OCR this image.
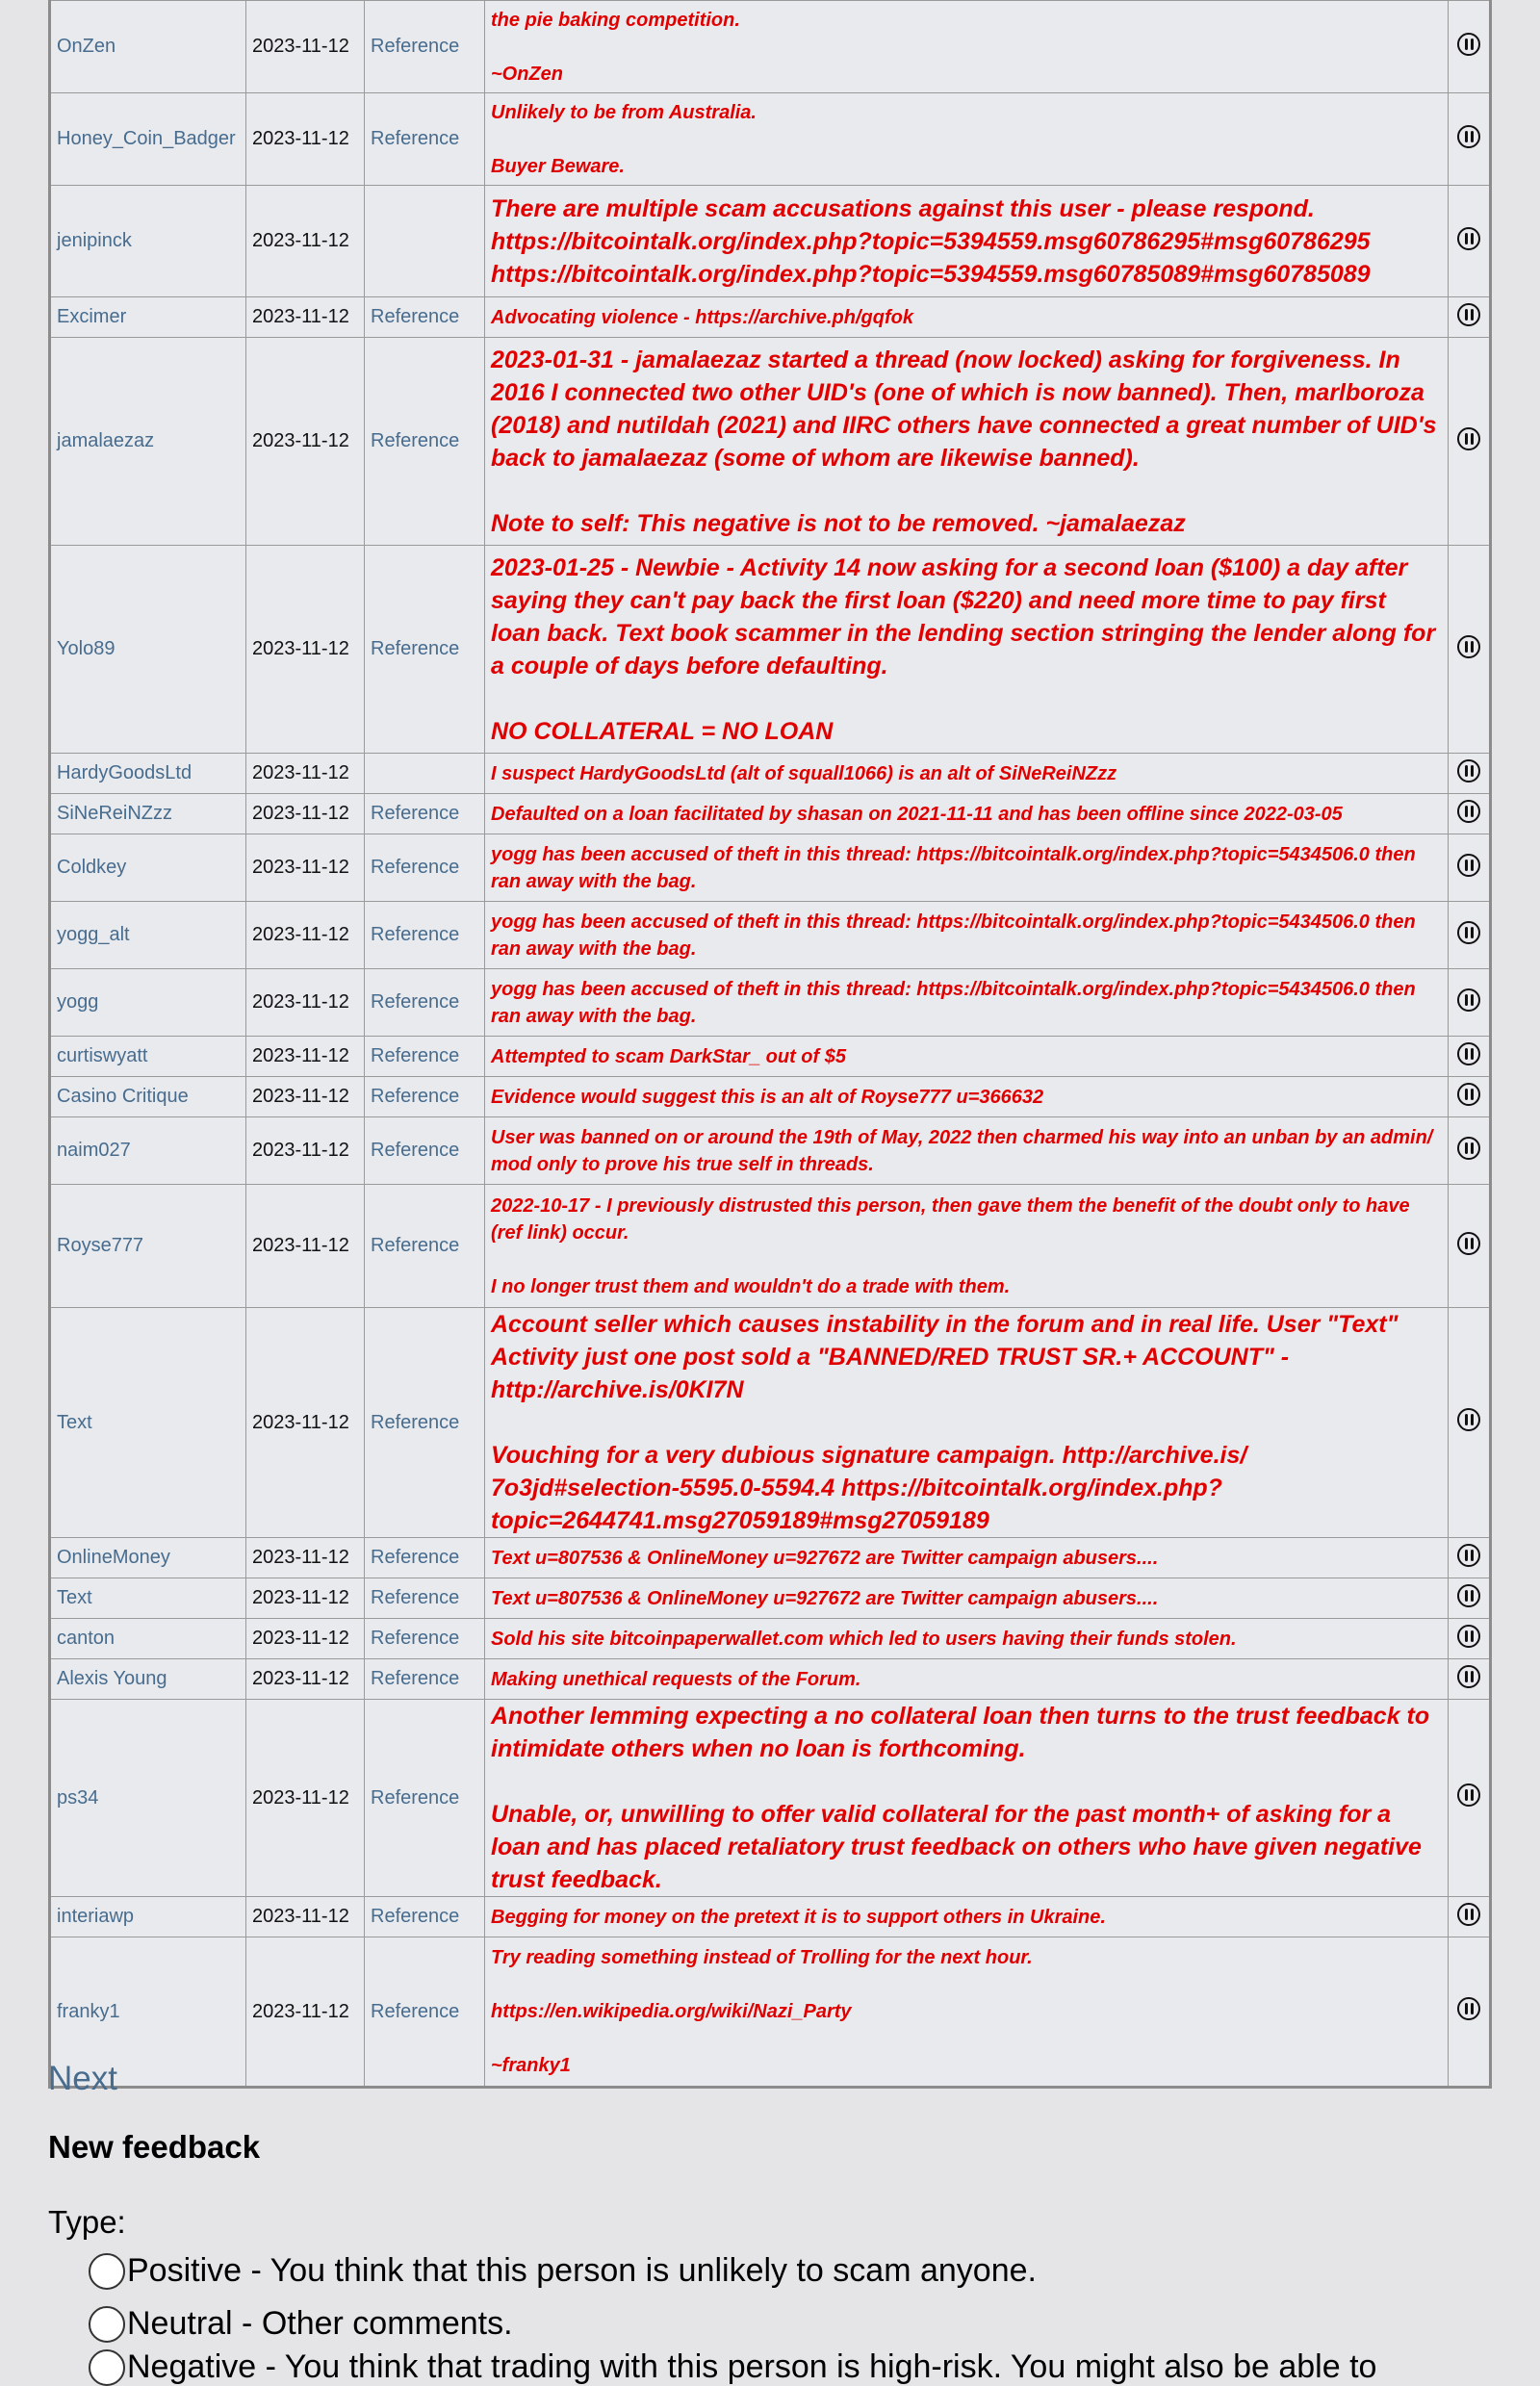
OnZen	2023-11-12	Reference	the pie baking competition.

~OnZen	

Honey_Coin_Badger	2023-11-12	Reference	Unlikely to be from Australia.

Buyer Beware.	

jenipinck	2023-11-12		There are multiple scam accusations against this user - please respond.
https://bitcointalk.org/index.php?topic=5394559.msg60786295#msg60786295
https://bitcointalk.org/index.php?topic=5394559.msg60785089#msg60785089	

Excimer	2023-11-12	Reference	Advocating violence - https://archive.ph/gqfok	

jamalaezaz	2023-11-12	Reference	2023-01-31 - jamalaezaz started a thread (now locked) asking for forgiveness. In 2016 I connected two other UID's (one of which is now banned). Then, marlboroza (2018) and nutildah (2021) and IIRC others have connected a great number of UID's back to jamalaezaz (some of whom are likewise banned).

Note to self: This negative is not to be removed. ~jamalaezaz	

Yolo89	2023-11-12	Reference	2023-01-25 - Newbie - Activity 14 now asking for a second loan ($100) a day after saying they can't pay back the first loan ($220) and need more time to pay first loan back. Text book scammer in the lending section stringing the lender along for a couple of days before defaulting.

NO COLLATERAL = NO LOAN	

HardyGoodsLtd	2023-11-12		I suspect HardyGoodsLtd (alt of squall1066) is an alt of SiNeReiNZzz	

SiNeReiNZzz	2023-11-12	Reference	Defaulted on a loan facilitated by shasan on 2021-11-11 and has been offline since 2022-03-05	

Coldkey	2023-11-12	Reference	yogg has been accused of theft in this thread: https://bitcointalk.org/index.php?topic=5434506.0 then ran away with the bag.	

yogg_alt	2023-11-12	Reference	yogg has been accused of theft in this thread: https://bitcointalk.org/index.php?topic=5434506.0 then ran away with the bag.	

yogg	2023-11-12	Reference	yogg has been accused of theft in this thread: https://bitcointalk.org/index.php?topic=5434506.0 then ran away with the bag.	

curtiswyatt	2023-11-12	Reference	Attempted to scam DarkStar_ out of $5	

Casino Critique	2023-11-12	Reference	Evidence would suggest this is an alt of Royse777 u=366632	

naim027	2023-11-12	Reference	User was banned on or around the 19th of May, 2022 then charmed his way into an unban by an admin/ mod only to prove his true self in threads.	

Royse777	2023-11-12	Reference	2022-10-17 - I previously distrusted this person, then gave them the benefit of the doubt only to have (ref link) occur.

I no longer trust them and wouldn't do a trade with them.	

Text	2023-11-12	Reference	Account seller which causes instability in the forum and in real life. User "Text" Activity just one post sold a "BANNED/RED TRUST SR.+ ACCOUNT" - http://archive.is/0KI7N

Vouching for a very dubious signature campaign. http://archive.is/ 7o3jd#selection-5595.0-5594.4 https://bitcointalk.org/index.php? topic=2644741.msg27059189#msg27059189	

OnlineMoney	2023-11-12	Reference	Text u=807536 & OnlineMoney u=927672 are Twitter campaign abusers....	

Text	2023-11-12	Reference	Text u=807536 & OnlineMoney u=927672 are Twitter campaign abusers....	

canton	2023-11-12	Reference	Sold his site bitcoinpaperwallet.com which led to users having their funds stolen.	

Alexis Young	2023-11-12	Reference	Making unethical requests of the Forum.	

ps34	2023-11-12	Reference	Another lemming expecting a no collateral loan then turns to the trust feedback to intimidate others when no loan is forthcoming.

Unable, or, unwilling to offer valid collateral for the past month+ of asking for a loan and has placed retaliatory trust feedback on others who have given negative trust feedback.	

interiawp	2023-11-12	Reference	Begging for money on the pretext it is to support others in Ukraine.	

franky1	2023-11-12	Reference	Try reading something instead of Trolling for the next hour.

https://en.wikipedia.org/wiki/Nazi_Party

~franky1	

Next
New feedback
Type:
Positive - You think that this person is unlikely to scam anyone.
Neutral - Other comments.
Negative - You think that trading with this person is high-risk. You might also be able to
